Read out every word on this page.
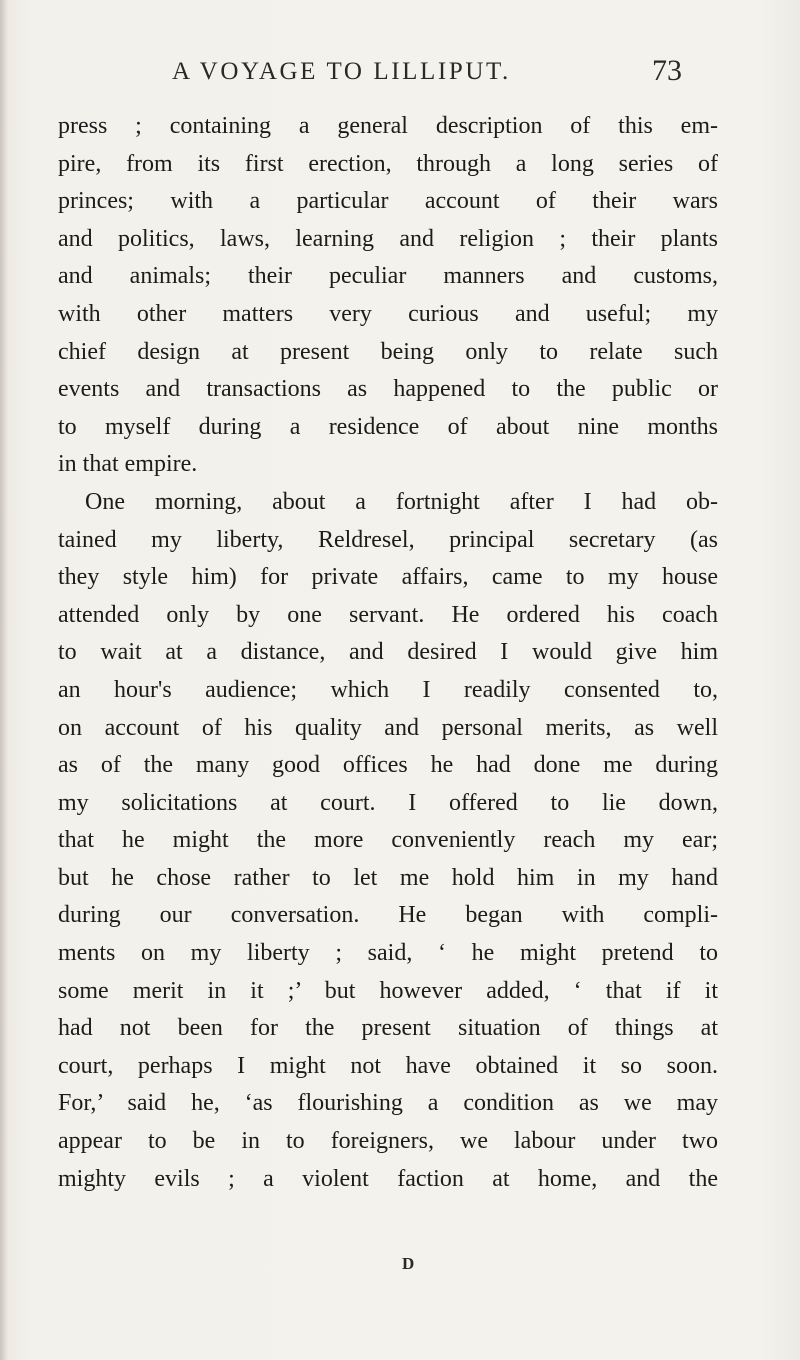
A VOYAGE TO LILLIPUT.	73
press ; containing a general description of this em-
pire, from its first erection, through a long series of
princes; with a particular account of their wars
and politics, laws, learning and religion ; their plants
and animals; their peculiar manners and customs,
with other matters very curious and useful; my
chief design at present being only to relate such
events and transactions as happened to the public or
to myself during a residence of about nine months
in that empire.
One morning, about a fortnight after I had ob-
tained my liberty, Reldresel, principal secretary (as
they style him) for private affairs, came to my house
attended only by one servant. He ordered his coach
to wait at a distance, and desired I would give him
an hour's audience; which I readily consented to,
on account of his quality and personal merits, as well
as of the many good offices he had done me during
my solicitations at court. I offered to lie down,
that he might the more conveniently reach my ear;
but he chose rather to let me hold him in my hand
during our conversation. He began with compli-
ments on my liberty ; said, ‘ he might pretend to
some merit in it ;’ but however added, ‘ that if it
had not been for the present situation of things at
court, perhaps I might not have obtained it so soon.
For,’ said he, ‘as flourishing a condition as we may
appear to be in to foreigners, we labour under two
mighty evils ; a violent faction at home, and the
D
